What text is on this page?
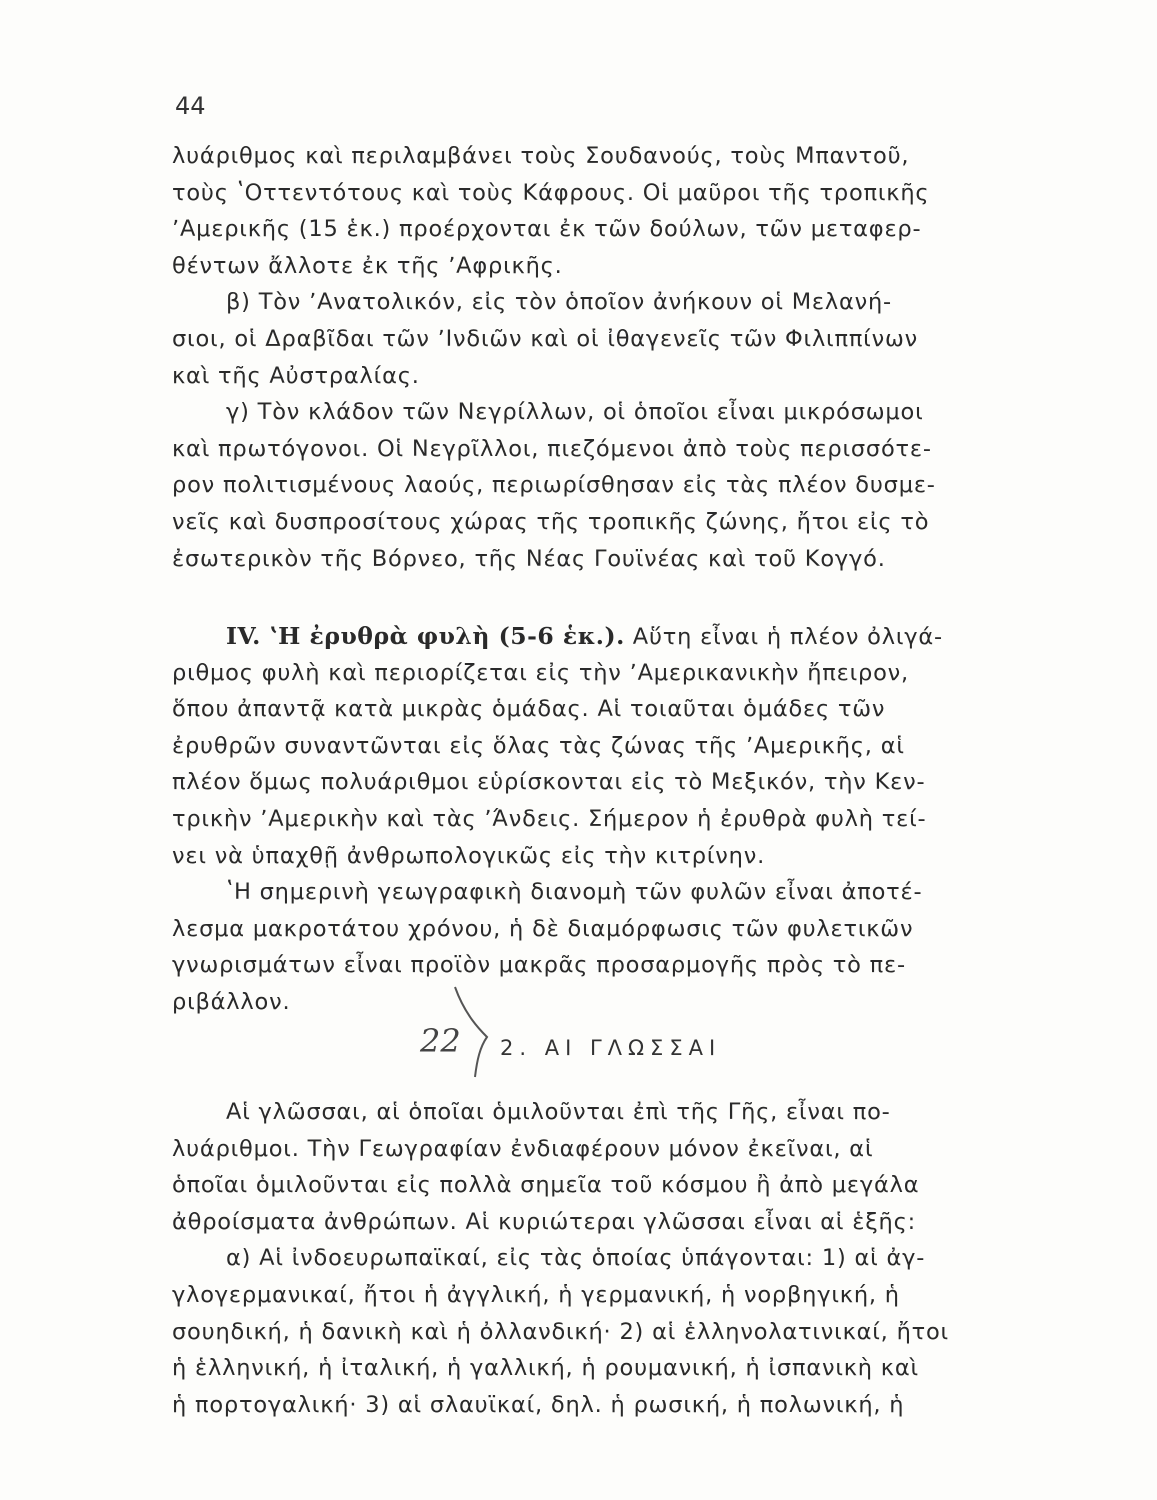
44
λυάριθμος καὶ περιλαμβάνει τοὺς Σουδανούς, τοὺς Μπαντοῦ,
τοὺς ʽΟττεντότους καὶ τοὺς Κάφρους. Οἱ μαῦροι τῆς τροπικῆς
ʼΑμερικῆς (15 ἑκ.) προέρχονται ἐκ τῶν δούλων, τῶν μεταφερ-
θέντων ἄλλοτε ἐκ τῆς ʼΑφρικῆς.
β) Τὸν ʼΑνατολικόν, εἰς τὸν ὁποῖον ἀνήκουν οἱ Μελανή-
σιοι, οἱ Δραβῖδαι τῶν ʼΙνδιῶν καὶ οἱ ἰθαγενεῖς τῶν Φιλιππίνων
καὶ τῆς Αὐστραλίας.
γ) Τὸν κλάδον τῶν Νεγρίλλων, οἱ ὁποῖοι εἶναι μικρόσωμοι
καὶ πρωτόγονοι. Οἱ Νεγρῖλλοι, πιεζόμενοι ἀπὸ τοὺς περισσότε-
ρον πολιτισμένους λαούς, περιωρίσθησαν εἰς τὰς πλέον δυσμε-
νεῖς καὶ δυσπροσίτους χώρας τῆς τροπικῆς ζώνης, ἤτοι εἰς τὸ
ἐσωτερικὸν τῆς Βόρνεο, τῆς Νέας Γουϊνέας καὶ τοῦ Κογγό.
IV. ʽΗ ἐρυθρὰ φυλὴ (5-6 ἑκ.). Αὕτη εἶναι ἡ πλέον ὀλιγά-
ριθμος φυλὴ καὶ περιορίζεται εἰς τὴν ʼΑμερικανικὴν ἤπειρον,
ὅπου ἀπαντᾷ κατὰ μικρὰς ὁμάδας. Αἱ τοιαῦται ὁμάδες τῶν
ἐρυθρῶν συναντῶνται εἰς ὅλας τὰς ζώνας τῆς ʼΑμερικῆς, αἱ
πλέον ὅμως πολυάριθμοι εὑρίσκονται εἰς τὸ Μεξικόν, τὴν Κεν-
τρικὴν ʼΑμερικὴν καὶ τὰς ʼΆνδεις. Σήμερον ἡ ἐρυθρὰ φυλὴ τεί-
νει νὰ ὑπαχθῇ ἀνθρωπολογικῶς εἰς τὴν κιτρίνην.
ʽΗ σημερινὴ γεωγραφικὴ διανομὴ τῶν φυλῶν εἶναι ἀποτέ-
λεσμα μακροτάτου χρόνου, ἡ δὲ διαμόρφωσις τῶν φυλετικῶν
γνωρισμάτων εἶναι προϊὸν μακρᾶς προσαρμογῆς πρὸς τὸ πε-
ριβάλλον.
22 2. ΑΙ ΓΛΩΣΣΑΙ
Αἱ γλῶσσαι, αἱ ὁποῖαι ὁμιλοῦνται ἐπὶ τῆς Γῆς, εἶναι πο-
λυάριθμοι. Τὴν Γεωγραφίαν ἐνδιαφέρουν μόνον ἐκεῖναι, αἱ
ὁποῖαι ὁμιλοῦνται εἰς πολλὰ σημεῖα τοῦ κόσμου ἢ ἀπὸ μεγάλα
ἀθροίσματα ἀνθρώπων. Αἱ κυριώτεραι γλῶσσαι εἶναι αἱ ἑξῆς:
α) Αἱ ἰνδοευρωπαϊκαί, εἰς τὰς ὁποίας ὑπάγονται: 1) αἱ ἀγ-
γλογερμανικαί, ἤτοι ἡ ἀγγλική, ἡ γερμανική, ἡ νορβηγική, ἡ
σουηδική, ἡ δανικὴ καὶ ἡ ὀλλανδική· 2) αἱ ἑλληνολατινικαί, ἤτοι
ἡ ἑλληνική, ἡ ἰταλική, ἡ γαλλική, ἡ ρουμανική, ἡ ἰσπανικὴ καὶ
ἡ πορτογαλική· 3) αἱ σλαυϊκαί, δηλ. ἡ ρωσική, ἡ πολωνική, ἡ
